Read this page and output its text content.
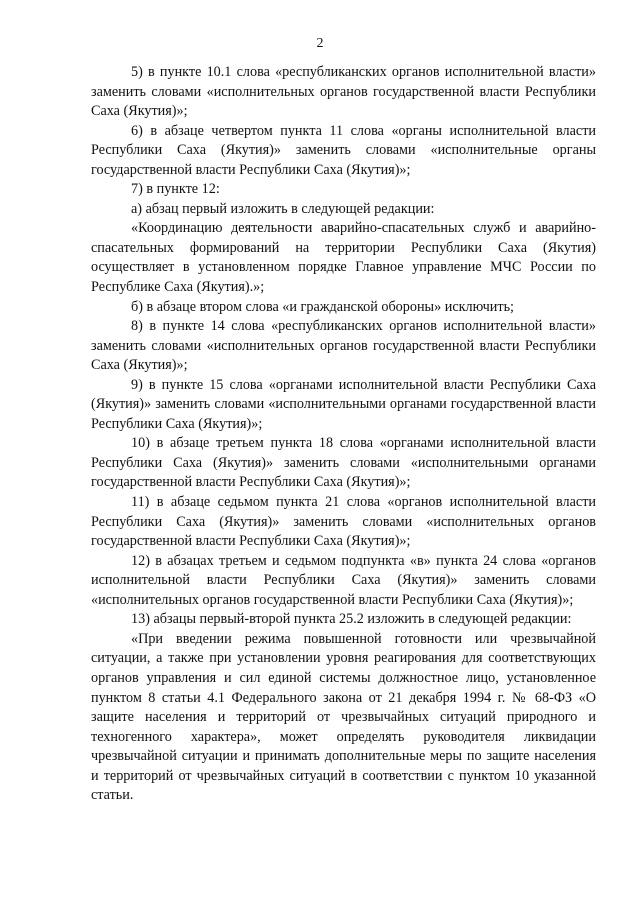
2

5) в пункте 10.1 слова «республиканских органов исполнительной власти» заменить словами «исполнительных органов государственной власти Республики Саха (Якутия)»;

6) в абзаце четвертом пункта 11 слова «органы исполнительной власти Республики Саха (Якутия)» заменить словами «исполнительные органы государственной власти Республики Саха (Якутия)»;

7) в пункте 12:

а) абзац первый изложить в следующей редакции:

«Координацию деятельности аварийно-спасательных служб и аварийно-спасательных формирований на территории Республики Саха (Якутия) осуществляет в установленном порядке Главное управление МЧС России по Республике Саха (Якутия).»;

б) в абзаце втором слова «и гражданской обороны» исключить;

8) в пункте 14 слова «республиканских органов исполнительной власти» заменить словами «исполнительных органов государственной власти Республики Саха (Якутия)»;

9) в пункте 15 слова «органами исполнительной власти Республики Саха (Якутия)» заменить словами «исполнительными органами государственной власти Республики Саха (Якутия)»;

10) в абзаце третьем пункта 18 слова «органами исполнительной власти Республики Саха (Якутия)» заменить словами «исполнительными органами государственной власти Республики Саха (Якутия)»;

11) в абзаце седьмом пункта 21 слова «органов исполнительной власти Республики Саха (Якутия)» заменить словами «исполнительных органов государственной власти Республики Саха (Якутия)»;

12) в абзацах третьем и седьмом подпункта «в» пункта 24 слова «органов исполнительной власти Республики Саха (Якутия)» заменить словами «исполнительных органов государственной власти Республики Саха (Якутия)»;

13) абзацы первый-второй пункта 25.2 изложить в следующей редакции:

«При введении режима повышенной готовности или чрезвычайной ситуации, а также при установлении уровня реагирования для соответствующих органов управления и сил единой системы должностное лицо, установленное пунктом 8 статьи 4.1 Федерального закона от 21 декабря 1994 г. № 68-ФЗ «О защите населения и территорий от чрезвычайных ситуаций природного и техногенного характера», может определять руководителя ликвидации чрезвычайной ситуации и принимать дополнительные меры по защите населения и территорий от чрезвычайных ситуаций в соответствии с пунктом 10 указанной статьи.
